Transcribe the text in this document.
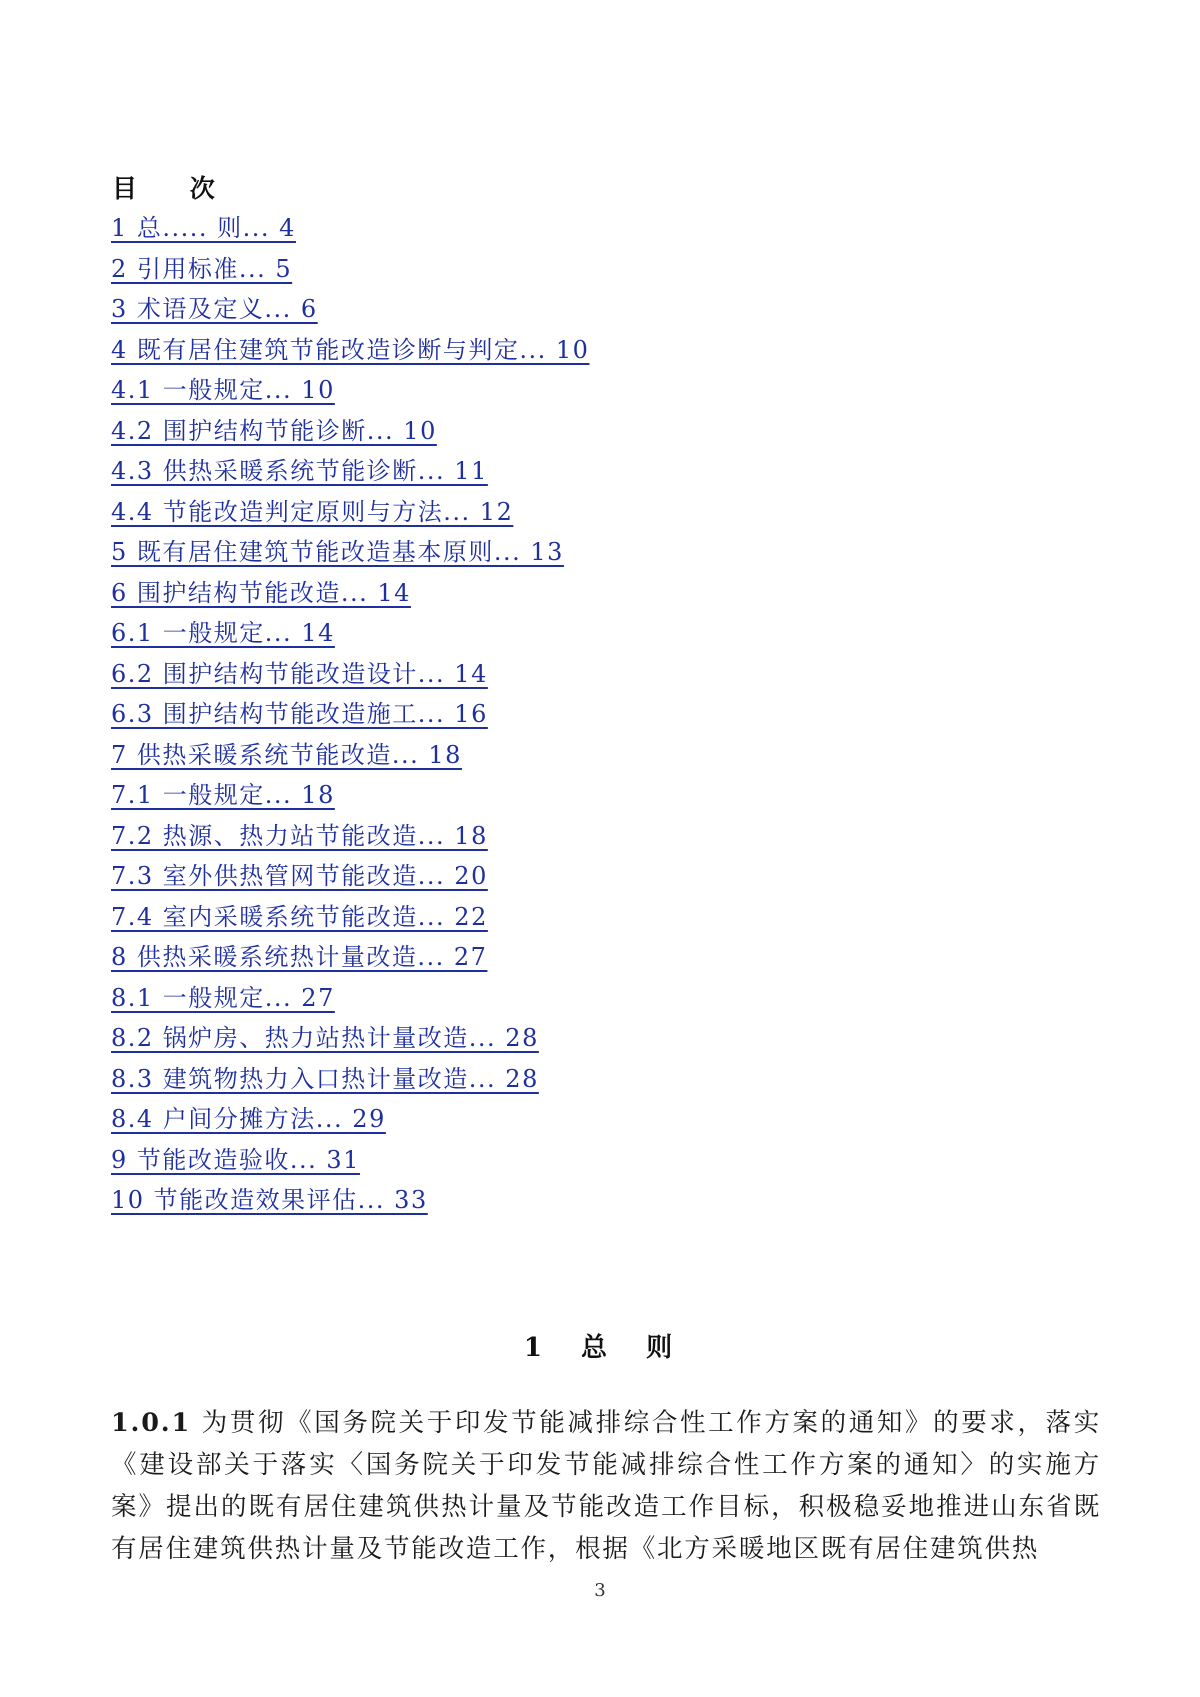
目 次
1 总..... 则... 4
2 引用标准... 5
3 术语及定义... 6
4 既有居住建筑节能改造诊断与判定... 10
4.1 一般规定... 10
4.2 围护结构节能诊断... 10
4.3 供热采暖系统节能诊断... 11
4.4 节能改造判定原则与方法... 12
5 既有居住建筑节能改造基本原则... 13
6 围护结构节能改造... 14
6.1 一般规定... 14
6.2 围护结构节能改造设计... 14
6.3 围护结构节能改造施工... 16
7 供热采暖系统节能改造... 18
7.1 一般规定... 18
7.2 热源、热力站节能改造... 18
7.3 室外供热管网节能改造... 20
7.4 室内采暖系统节能改造... 22
8 供热采暖系统热计量改造... 27
8.1 一般规定... 27
8.2 锅炉房、热力站热计量改造... 28
8.3 建筑物热力入口热计量改造... 28
8.4 户间分摊方法... 29
9 节能改造验收... 31
10 节能改造效果评估... 33
1 总 则
1.0.1 为贯彻《国务院关于印发节能减排综合性工作方案的通知》的要求，落实《建设部关于落实〈国务院关于印发节能减排综合性工作方案的通知〉的实施方案》提出的既有居住建筑供热计量及节能改造工作目标，积极稳妥地推进山东省既有居住建筑供热计量及节能改造工作，根据《北方采暖地区既有居住建筑供热
3
